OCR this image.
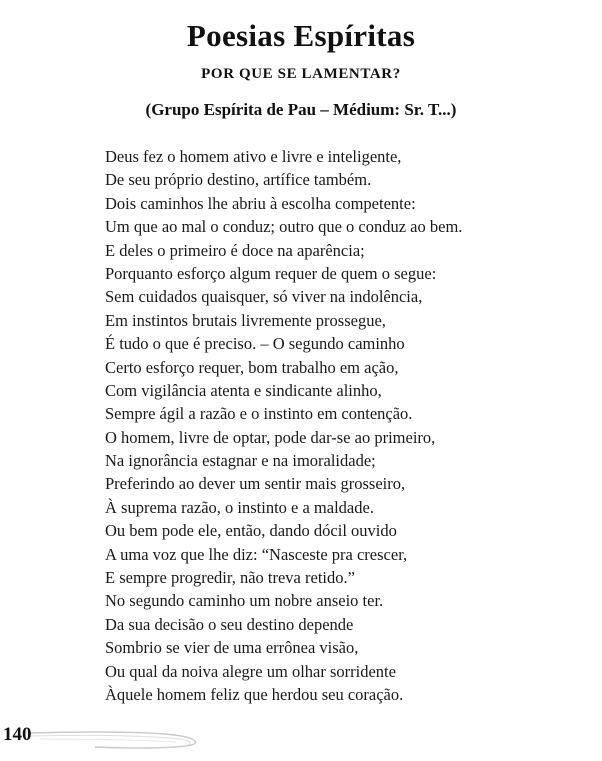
Poesias Espíritas
POR QUE SE LAMENTAR?
(Grupo Espírita de Pau – Médium: Sr. T...)
Deus fez o homem ativo e livre e inteligente,
De seu próprio destino, artífice também.
Dois caminhos lhe abriu à escolha competente:
Um que ao mal o conduz; outro que o conduz ao bem.
E deles o primeiro é doce na aparência;
Porquanto esforço algum requer de quem o segue:
Sem cuidados quaisquer, só viver na indolência,
Em instintos brutais livremente prossegue,
É tudo o que é preciso. – O segundo caminho
Certo esforço requer, bom trabalho em ação,
Com vigilância atenta e sindicante alinho,
Sempre ágil a razão e o instinto em contenção.
O homem, livre de optar, pode dar-se ao primeiro,
Na ignorância estagnar e na imoralidade;
Preferindo ao dever um sentir mais grosseiro,
À suprema razão, o instinto e a maldade.
Ou bem pode ele, então, dando dócil ouvido
A uma voz que lhe diz: “Nasceste pra crescer,
E sempre progredir, não treva retido.”
No segundo caminho um nobre anseio ter.
Da sua decisão o seu destino depende
Sombrio se vier de uma errônea visão,
Ou qual da noiva alegre um olhar sorridente
Àquele homem feliz que herdou seu coração.
140
